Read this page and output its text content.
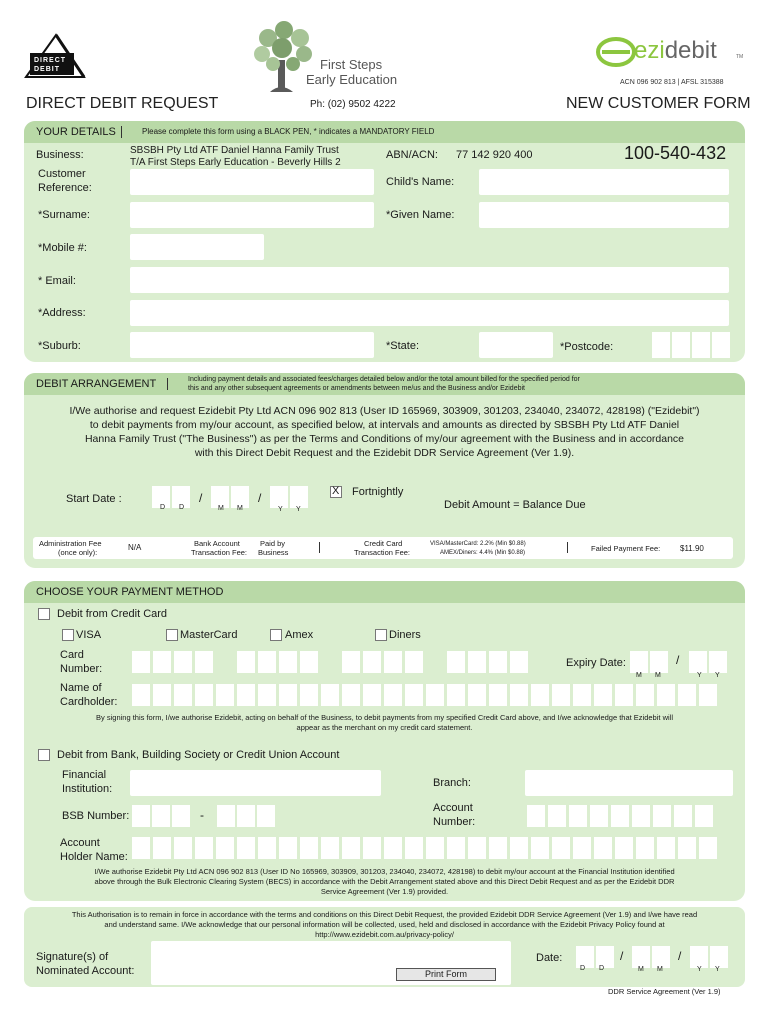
DIRECT
DEBIT	First Steps
Early Education
ezidebit	TM
ACN 096 902 813 | AFSL 315388
DIRECT DEBIT REQUEST	Ph: (02) 9502 4222	NEW CUSTOMER FORM
YOUR DETAILS	Please complete this form using a BLACK PEN, * indicates a MANDATORY FIELD
Business:	SBSBH Pty Ltd ATF Daniel Hanna Family Trust
T/A First Steps Early Education - Beverly Hills 2
ABN/ACN: 77 142 920 400	100-540-432
Customer Reference:	Child's Name:
*Surname:	*Given Name:
*Mobile #:
* Email:
*Address:
*Suburb:	*State:	*Postcode:
DEBIT ARRANGEMENT	Including payment details and associated fees/charges detailed below and/or the total amount billed for the specified period for
this and any other subsequent agreements or amendments between me/us and the Business and/or Ezidebit
I/We authorise and request Ezidebit Pty Ltd ACN 096 902 813 (User ID 165969, 303909, 301203, 234040, 234072, 428198) ("Ezidebit")
to debit payments from my/our account, as specified below, at intervals and amounts as directed by SBSBH Pty Ltd ATF Daniel
Hanna Family Trust ("The Business") as per the Terms and Conditions of my/our agreement with the Business and in accordance
with this Direct Debit Request and the Ezidebit DDR Service Agreement (Ver 1.9).
Start Date :
D D
/
M M
/
Y Y
X Fortnightly
Debit Amount = Balance Due
Administration Fee
(once only):
N/A	Bank Account
Transaction Fee:
Paid by
Business
Credit Card
Transaction Fee:
VISA/MasterCard: 2.2% (Min $0.88)
AMEX/Diners: 4.4% (Min $0.88)	Failed Payment Fee: $11.90
CHOOSE YOUR PAYMENT METHOD
Debit from Credit Card
VISA	MasterCard	Amex	Diners
Card
Number:	Expiry Date:
M M
/
Y Y
Name of
Cardholder:
By signing this form, I/we authorise Ezidebit, acting on behalf of the Business, to debit payments from my specified Credit Card above, and I/we acknowledge that Ezidebit will
appear as the merchant on my credit card statement.
Debit from Bank, Building Society or Credit Union Account
Financial
Institution:	Branch:
BSB Number:	-	Account
Number:
Account
Holder Name:
I/We authorise Ezidebit Pty Ltd ACN 096 902 813 (User ID No 165969, 303909, 301203, 234040, 234072, 428198) to debit my/our account at the Financial Institution identified
above through the Bulk Electronic Clearing System (BECS) in accordance with the Debit Arrangement stated above and this Direct Debit Request and as per the Ezidebit DDR
Service Agreement (Ver 1.9) provided.
This Authorisation is to remain in force in accordance with the terms and conditions on this Direct Debit Request, the provided Ezidebit DDR Service Agreement (Ver 1.9) and I/we have read
and understand same. I/We acknowledge that our personal information will be collected, used, held and disclosed in accordance with the Ezidebit Privacy Policy found at
http://www.ezidebit.com.au/privacy-policy/
Signature(s) of
Nominated Account:	Print Form
Date:
D D
/
M M
/
Y Y
DDR Service Agreement (Ver 1.9)
